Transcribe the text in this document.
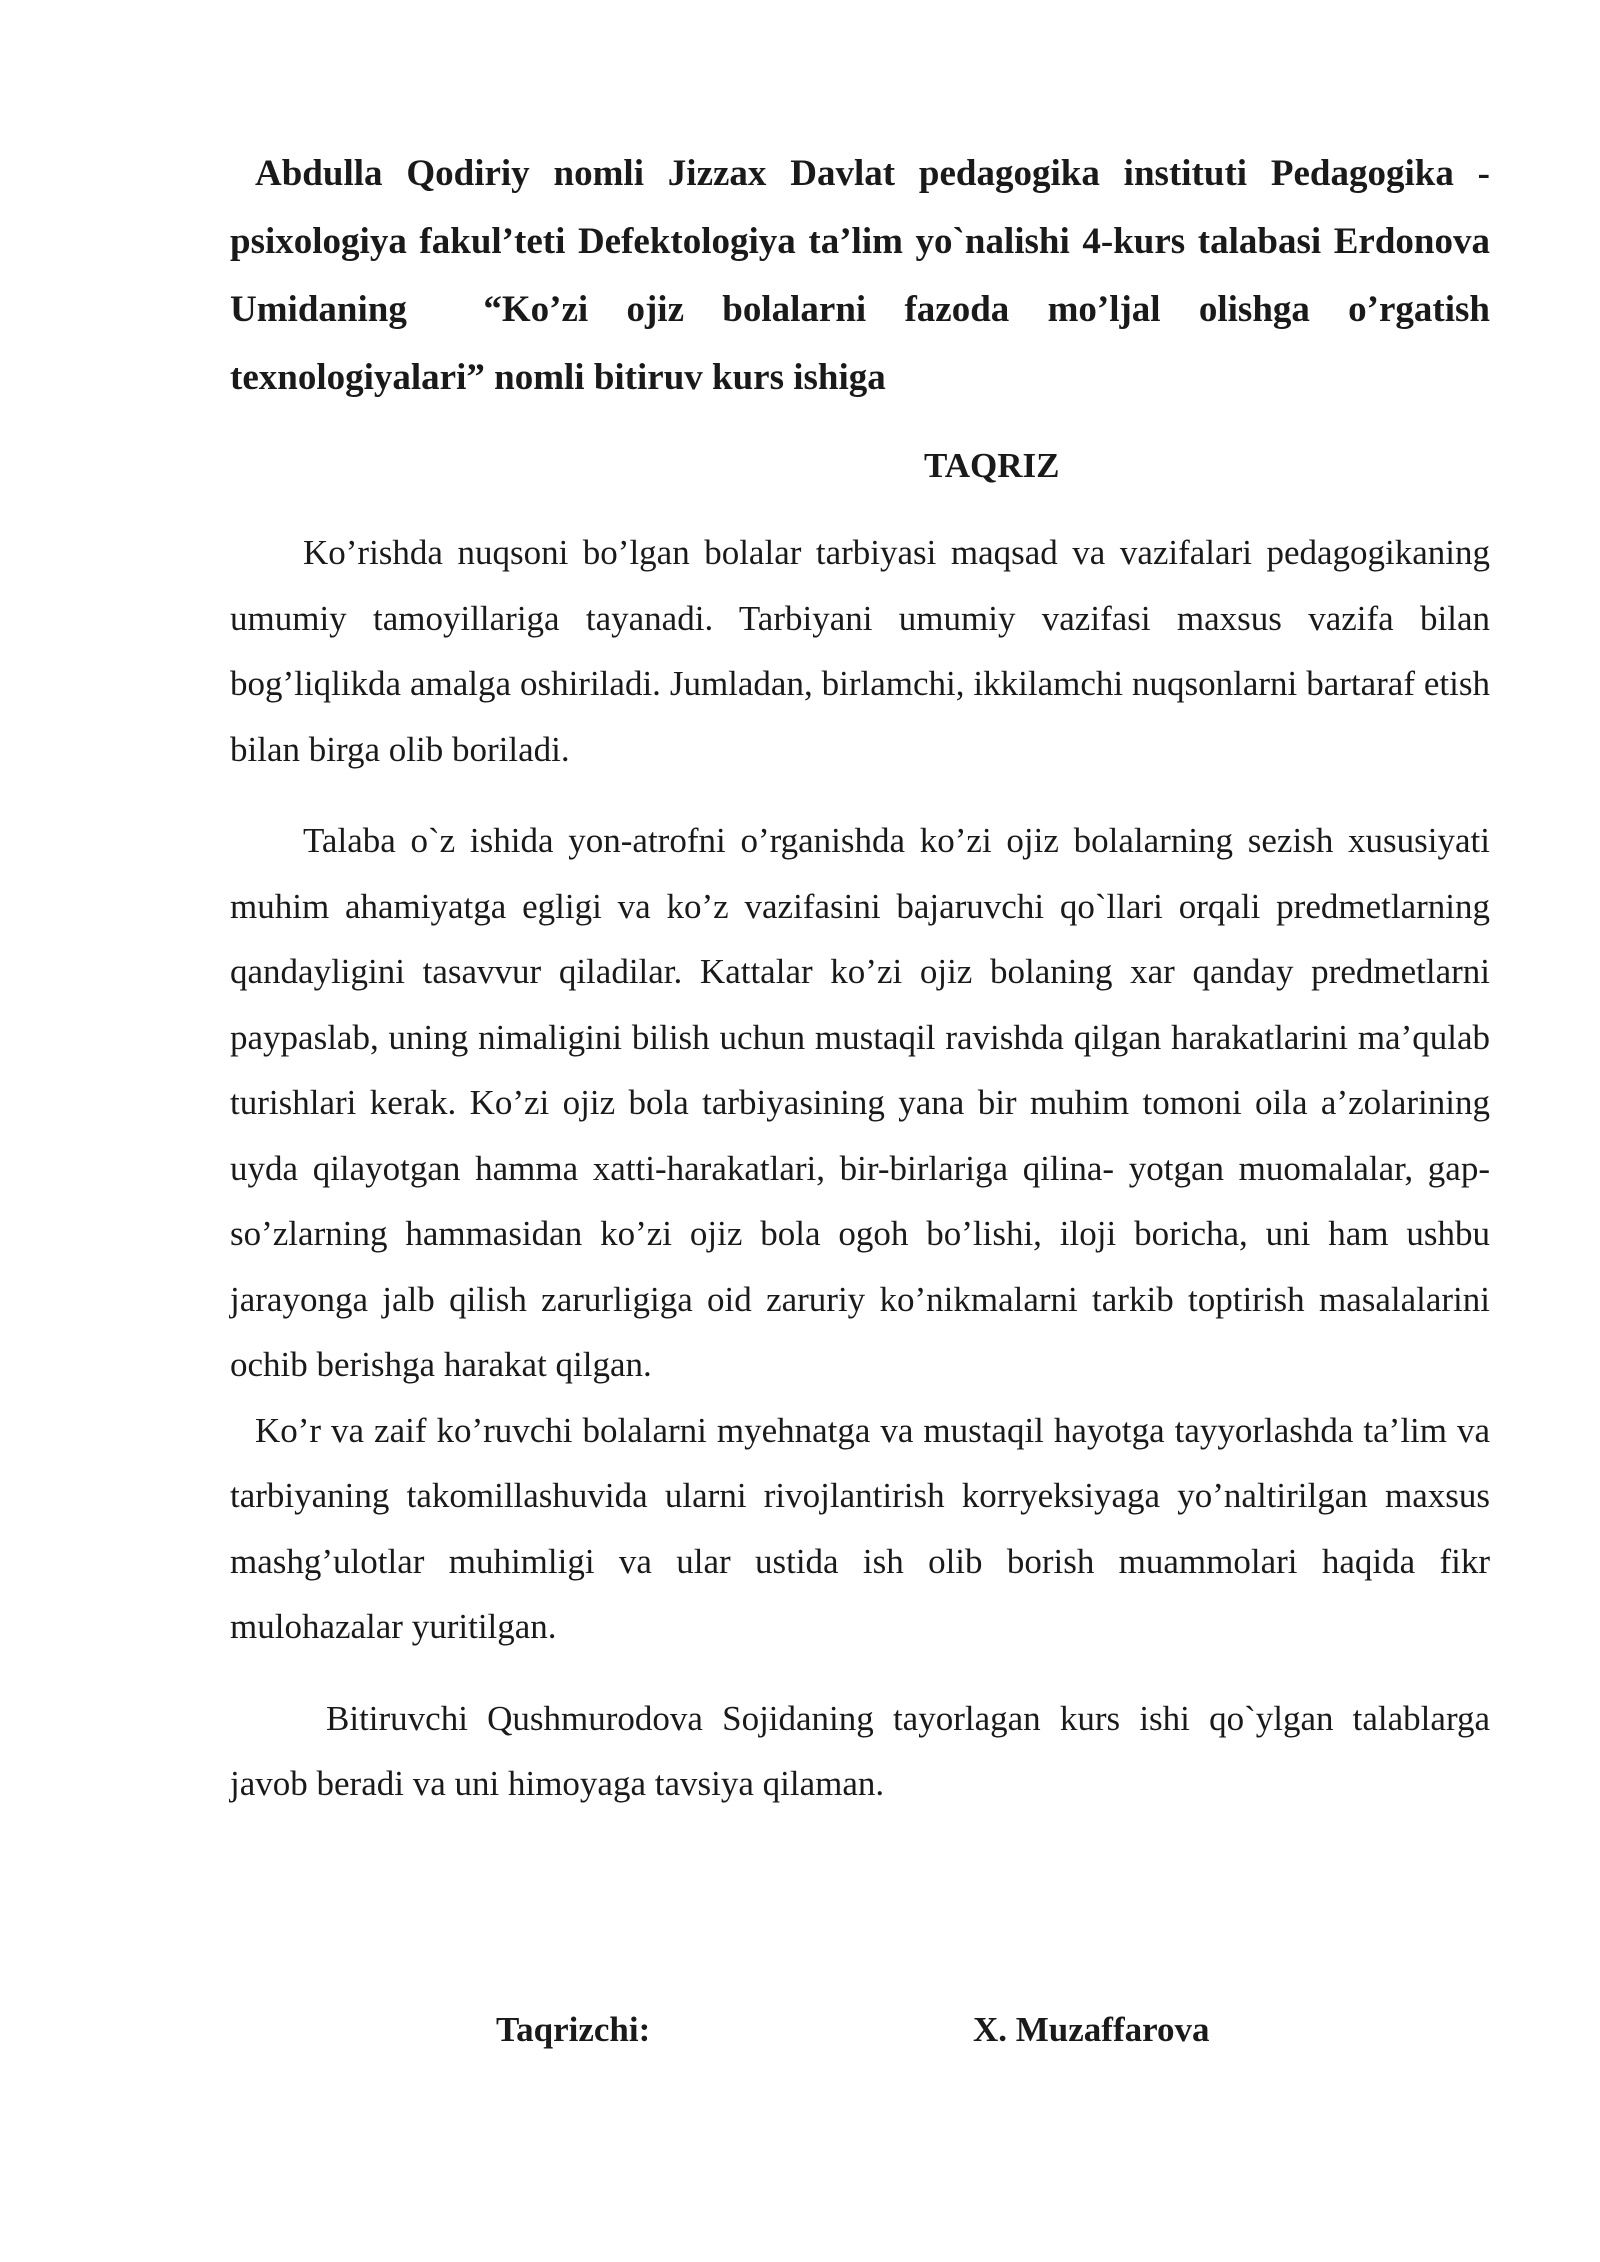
Abdulla Qodiriy nomli Jizzax Davlat pedagogika instituti Pedagogika - psixologiya fakul’teti Defektologiya ta’lim yo`nalishi 4-kurs talabasi Erdonova Umidaning  “Ko’zi ojiz bolalarni fazoda mo’ljal olishga o’rgatish texnologiyalari” nomli bitiruv kurs ishiga

TAQRIZ

Ko’rishda nuqsoni bo’lgan bolalar tarbiyasi maqsad va vazifalari pedagogikaning umumiy tamoyillariga tayanadi. Tarbiyani umumiy vazifasi maxsus vazifa bilan bog’liqlikda amalga oshiriladi. Jumladan, birlamchi, ikkilamchi nuqsonlarni bartaraf etish bilan birga olib boriladi.

Talaba o`z ishida yon-atrofni o’rganishda ko’zi ojiz bolalarning sezish xususiyati muhim ahamiyatga egligi va ko’z vazifasini bajaruvchi qo`llari orqali predmetlarning qandayligini tasavvur qiladilar. Kattalar ko’zi ojiz bolaning xar qanday predmetlarni paypaslab, uning nimaligini bilish uchun mustaqil ravishda qilgan harakatlarini ma’qulab turishlari kerak. Ko’zi ojiz bola tarbiyasining yana bir muhim tomoni oila a’zolarining uyda qilayotgan hamma xatti-harakatlari, bir-birlariga qilina- yotgan muomalalar, gap-so’zlarning hammasidan ko’zi ojiz bola ogoh bo’lishi, iloji boricha, uni ham ushbu jarayonga jalb qilish zarurligiga oid zaruriy ko’nikmalarni tarkib toptirish masalalarini ochib berishga harakat qilgan.

Ko’r va zaif ko’ruvchi bolalarni myehnatga va mustaqil hayotga tayyorlashda ta’lim va tarbiyaning takomillashuvida ularni rivojlantirish korryeksiyaga yo’naltirilgan maxsus mashg’ulotlar muhimligi va ular ustida ish olib borish muammolari haqida fikr mulohazalar yuritilgan.

Bitiruvchi Qushmurodova Sojidaning tayorlagan kurs ishi qo`ylgan talablarga javob beradi va uni himoyaga tavsiya qilaman.

Taqrizchi:	X. Muzaffarova
